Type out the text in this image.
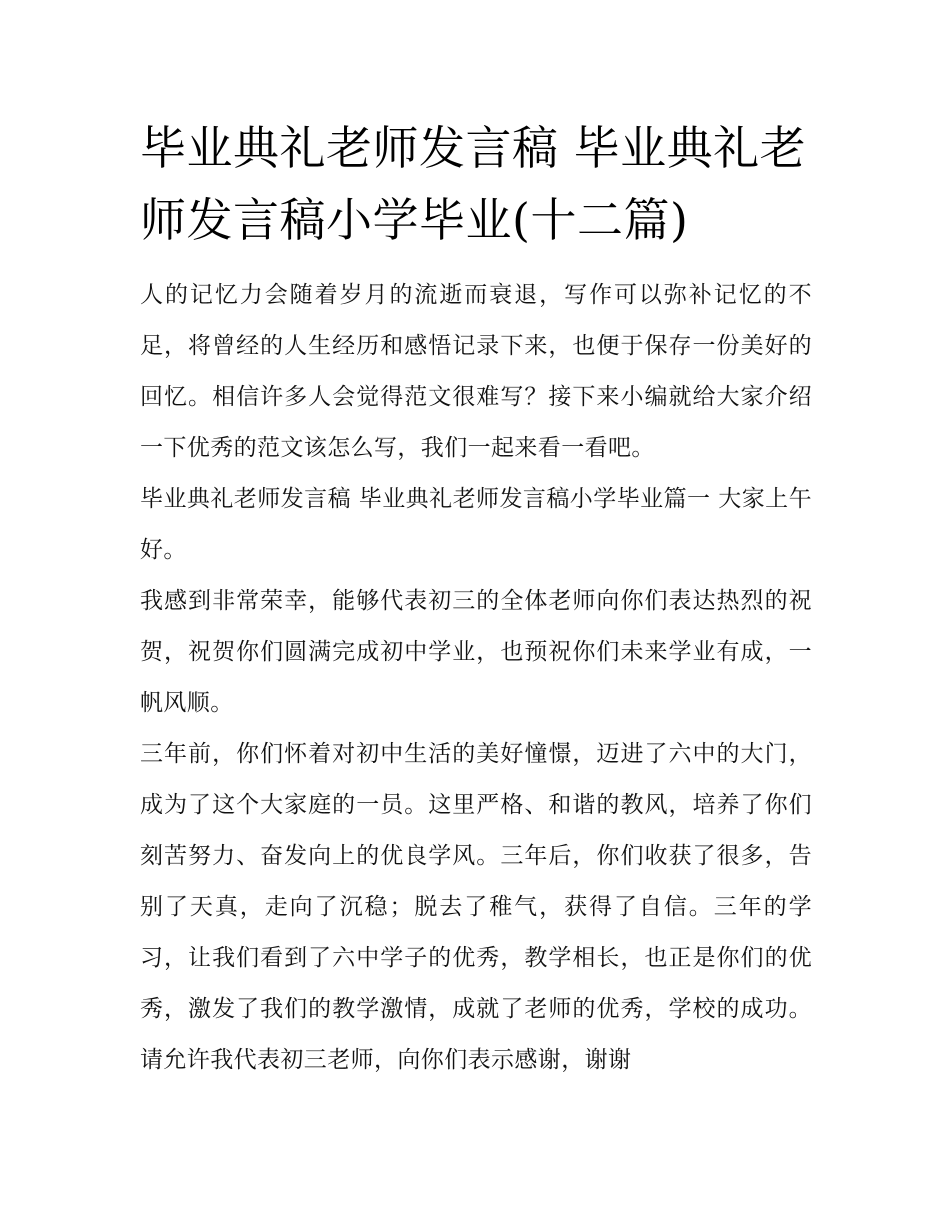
毕业典礼老师发言稿 毕业典礼老师发言稿小学毕业(十二篇)

人的记忆力会随着岁月的流逝而衰退，写作可以弥补记忆的不足，将曾经的人生经历和感悟记录下来，也便于保存一份美好的回忆。相信许多人会觉得范文很难写？接下来小编就给大家介绍一下优秀的范文该怎么写，我们一起来看一看吧。

毕业典礼老师发言稿 毕业典礼老师发言稿小学毕业篇一 大家上午好。

我感到非常荣幸，能够代表初三的全体老师向你们表达热烈的祝贺，祝贺你们圆满完成初中学业，也预祝你们未来学业有成，一帆风顺。

三年前，你们怀着对初中生活的美好憧憬，迈进了六中的大门，成为了这个大家庭的一员。这里严格、和谐的教风，培养了你们刻苦努力、奋发向上的优良学风。三年后，你们收获了很多，告别了天真，走向了沉稳；脱去了稚气，获得了自信。三年的学习，让我们看到了六中学子的优秀，教学相长，也正是你们的优秀，激发了我们的教学激情，成就了老师的优秀，学校的成功。请允许我代表初三老师，向你们表示感谢，谢谢
